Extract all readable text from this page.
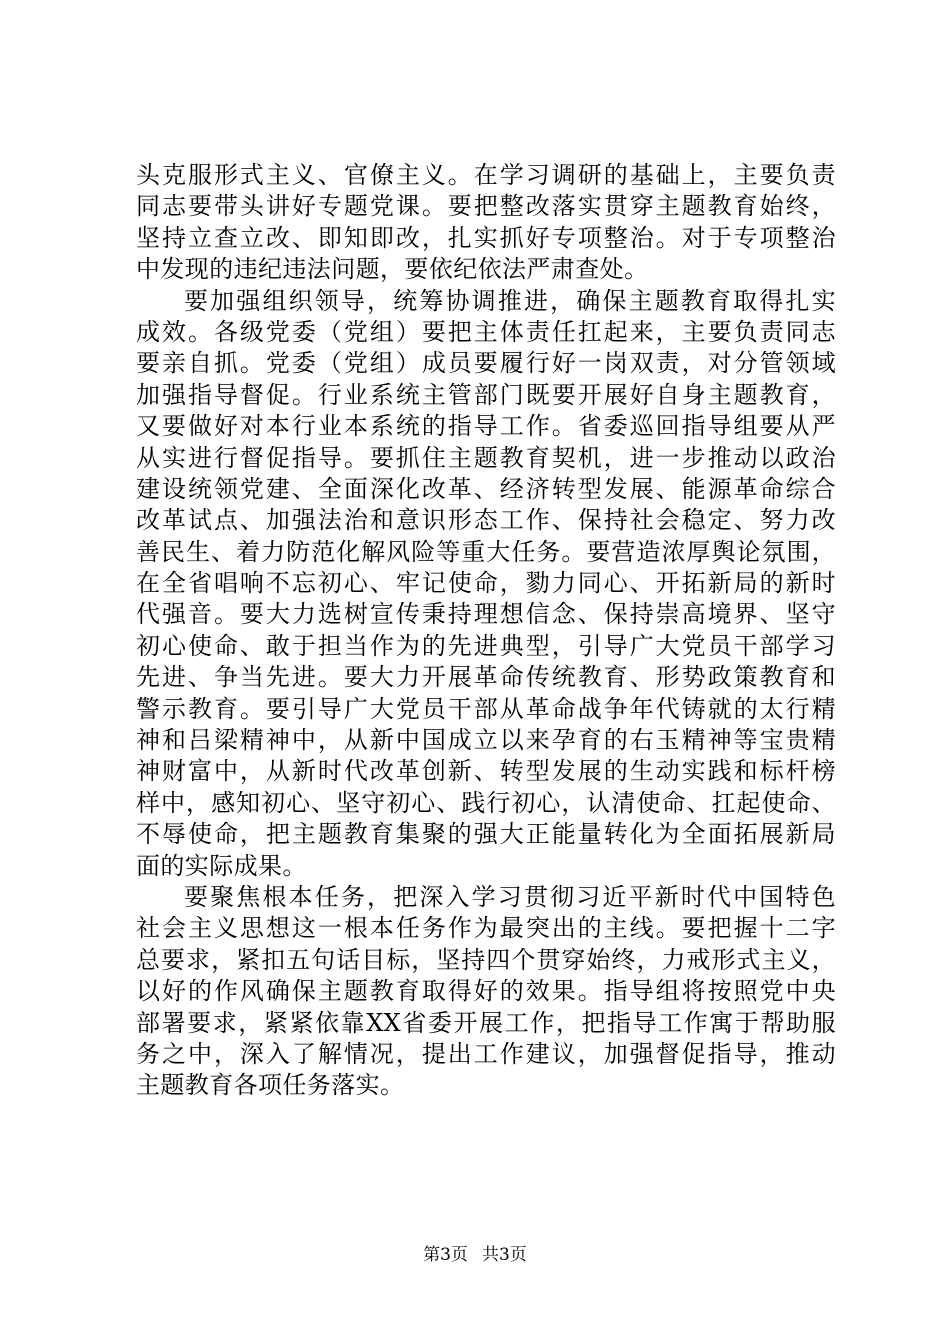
头克服形式主义、官僚主义。在学习调研的基础上，主要负责
同志要带头讲好专题党课。要把整改落实贯穿主题教育始终，
坚持立查立改、即知即改，扎实抓好专项整治。对于专项整治
中发现的违纪违法问题，要依纪依法严肃查处。
要加强组织领导，统筹协调推进，确保主题教育取得扎实
成效。各级党委（党组）要把主体责任扛起来，主要负责同志
要亲自抓。党委（党组）成员要履行好一岗双责，对分管领域
加强指导督促。行业系统主管部门既要开展好自身主题教育，
又要做好对本行业本系统的指导工作。省委巡回指导组要从严
从实进行督促指导。要抓住主题教育契机，进一步推动以政治
建设统领党建、全面深化改革、经济转型发展、能源革命综合
改革试点、加强法治和意识形态工作、保持社会稳定、努力改
善民生、着力防范化解风险等重大任务。要营造浓厚舆论氛围，
在全省唱响不忘初心、牢记使命，勠力同心、开拓新局的新时
代强音。要大力选树宣传秉持理想信念、保持崇高境界、坚守
初心使命、敢于担当作为的先进典型，引导广大党员干部学习
先进、争当先进。要大力开展革命传统教育、形势政策教育和
警示教育。要引导广大党员干部从革命战争年代铸就的太行精
神和吕梁精神中，从新中国成立以来孕育的右玉精神等宝贵精
神财富中，从新时代改革创新、转型发展的生动实践和标杆榜
样中，感知初心、坚守初心、践行初心，认清使命、扛起使命、
不辱使命，把主题教育集聚的强大正能量转化为全面拓展新局
面的实际成果。
要聚焦根本任务，把深入学习贯彻习近平新时代中国特色
社会主义思想这一根本任务作为最突出的主线。要把握十二字
总要求，紧扣五句话目标，坚持四个贯穿始终，力戒形式主义，
以好的作风确保主题教育取得好的效果。指导组将按照党中央
部署要求，紧紧依靠XX省委开展工作，把指导工作寓于帮助服
务之中，深入了解情况，提出工作建议，加强督促指导，推动
主题教育各项任务落实。
第3页 共3页
